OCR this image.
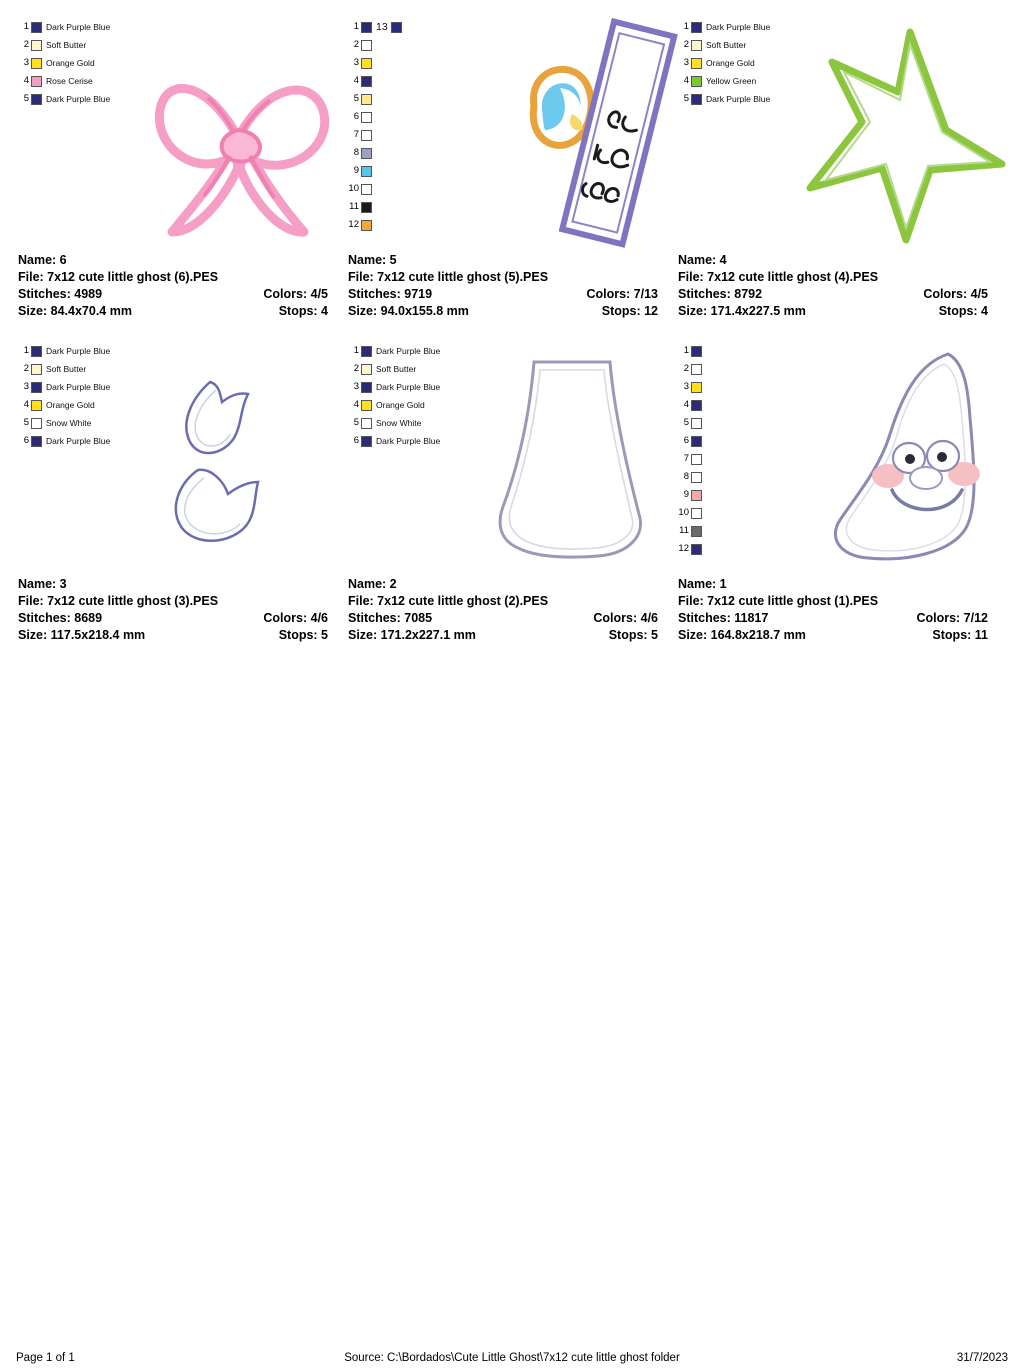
1 Dark Purple Blue
2 Soft Butter
3 Orange Gold
4 Rose Cerise
5 Dark Purple Blue
Name: 6
File: 7x12 cute little ghost (6).PES
Stitches: 4989	Colors: 4/5
Size: 84.4x70.4 mm	Stops: 4
1 13
2
3
4
5
6
7
8
9
10
11
12
Name: 5
File: 7x12 cute little ghost (5).PES
Stitches: 9719	Colors: 7/13
Size: 94.0x155.8 mm	Stops: 12
1 Dark Purple Blue
2 Soft Butter
3 Orange Gold
4 Yellow Green
5 Dark Purple Blue
Name: 4
File: 7x12 cute little ghost (4).PES
Stitches: 8792	Colors: 4/5
Size: 171.4x227.5 mm	Stops: 4
1 Dark Purple Blue
2 Soft Butter
3 Dark Purple Blue
4 Orange Gold
5 Snow White
6 Dark Purple Blue
Name: 3
File: 7x12 cute little ghost (3).PES
Stitches: 8689	Colors: 4/6
Size: 117.5x218.4 mm	Stops: 5
1 Dark Purple Blue
2 Soft Butter
3 Dark Purple Blue
4 Orange Gold
5 Snow White
6 Dark Purple Blue
Name: 2
File: 7x12 cute little ghost (2).PES
Stitches: 7085	Colors: 4/6
Size: 171.2x227.1 mm	Stops: 5
1
2
3
4
5
6
7
8
9
10
11
12
Name: 1
File: 7x12 cute little ghost (1).PES
Stitches: 11817	Colors: 7/12
Size: 164.8x218.7 mm	Stops: 11
Page 1 of 1	Source: C:\Bordados\Cute Little Ghost\7x12 cute little ghost folder	31/7/2023
